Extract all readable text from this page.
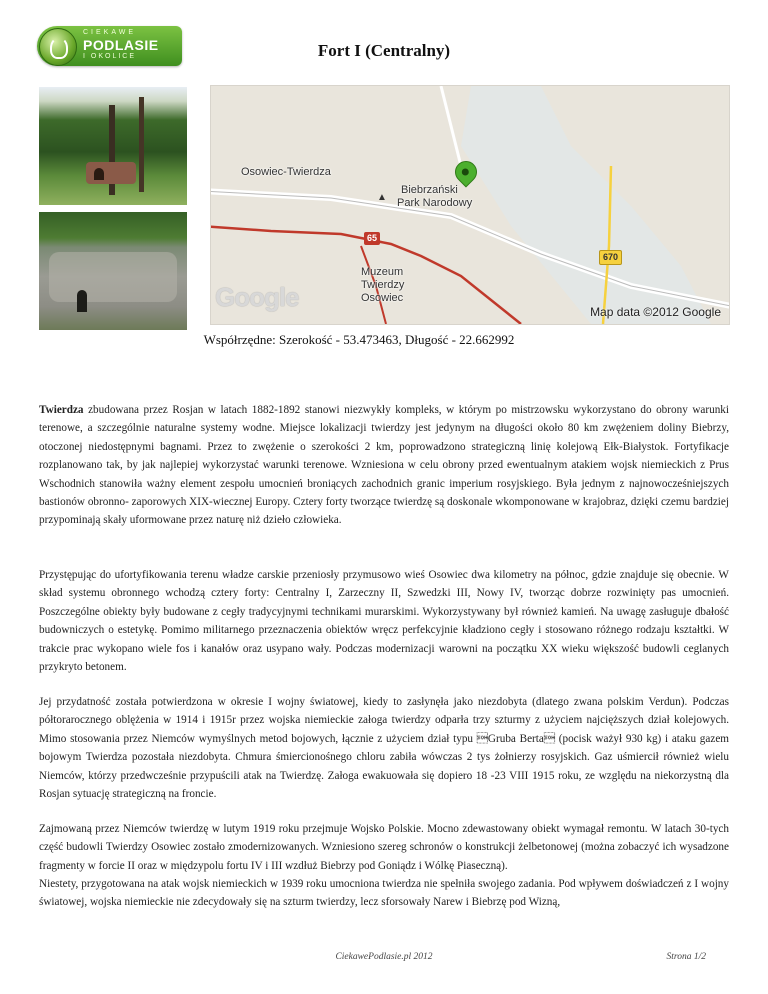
CIEKAWE
PODLASIE
I OKOLICE	Fort I (Centralny)
Osowiec-Twierdza
Biebrzański
Park Narodowy
▲
Muzeum
Twierdzy
Osowiec
65
670
Google	Map data ©2012 Google
Współrzędne: Szerokość - 53.473463, Długość - 22.662992

Twierdza zbudowana przez Rosjan w latach 1882-1892 stanowi niezwykły kompleks, w którym po mistrzowsku wykorzystano do obrony warunki terenowe, a szczególnie naturalne systemy wodne. Miejsce lokalizacji twierdzy jest jedynym na długości około 80 km zwężeniem doliny Biebrzy, otoczonej niedostępnymi bagnami. Przez to zwężenie o szerokości 2 km, poprowadzono strategiczną linię kolejową Ełk-Białystok. Fortyfikacje rozplanowano tak, by jak najlepiej wykorzystać warunki terenowe. Wzniesiona w celu obrony przed ewentualnym atakiem wojsk niemieckich z Prus Wschodnich stanowiła ważny element zespołu umocnień broniących zachodnich granic imperium rosyjskiego. Była jednym z najnowocześniejszych bastionów obronno- zaporowych XIX-wiecznej Europy. Cztery forty tworzące twierdzę są doskonale wkomponowane w krajobraz, dzięki czemu bardziej przypominają skały uformowane przez naturę niż dzieło człowieka.

Przystępując do ufortyfikowania terenu władze carskie przeniosły przymusowo wieś Osowiec dwa kilometry na północ, gdzie znajduje się obecnie. W skład systemu obronnego wchodzą cztery forty: Centralny I, Zarzeczny II, Szwedzki III, Nowy IV, tworząc dobrze rozwinięty pas umocnień. Poszczególne obiekty były budowane z cegły tradycyjnymi technikami murarskimi. Wykorzystywany był również kamień. Na uwagę zasługuje dbałość budowniczych o estetykę. Pomimo militarnego przeznaczenia obiektów wręcz perfekcyjnie kładziono cegły i stosowano różnego rodzaju kształtki. W trakcie prac wykopano wiele fos i kanałów oraz usypano wały. Podczas modernizacji warowni na początku XX wieku większość budowli ceglanych przykryto betonem.

Jej przydatność została potwierdzona w okresie I wojny światowej, kiedy to zasłynęła jako niezdobyta (dlatego zwana polskim Verdun). Podczas półtorarocznego oblężenia w 1914 i 1915r przez wojska niemieckie załoga twierdzy odparła trzy szturmy z użyciem najcięższych dział kolejowych. Mimo stosowania przez Niemców wymyślnych metod bojowych, łącznie z użyciem dział typu Gruba Berta (pocisk ważył 930 kg) i ataku gazem bojowym Twierdza pozostała niezdobyta. Chmura śmiercionośnego chloru zabiła wówczas 2 tys żołnierzy rosyjskich. Gaz uśmiercił również wielu Niemców, którzy przedwcześnie przypuścili atak na Twierdzę. Załoga ewakuowała się dopiero 18 -23 VIII 1915 roku, ze względu na niekorzystną dla Rosjan sytuację strategiczną na froncie.

Zajmowaną przez Niemców twierdzę w lutym 1919 roku przejmuje Wojsko Polskie. Mocno zdewastowany obiekt wymagał remontu. W latach 30-tych część budowli Twierdzy Osowiec zostało zmodernizowanych. Wzniesiono szereg schronów o konstrukcji żelbetonowej (można zobaczyć ich wysadzone fragmenty w forcie II oraz w międzypolu fortu IV i III wzdłuż Biebrzy pod Goniądz i Wólkę Piaseczną).

Niestety, przygotowana na atak wojsk niemieckich w 1939 roku umocniona twierdza nie spełniła swojego zadania. Pod wpływem doświadczeń z I wojny światowej, wojska niemieckie nie zdecydowały się na szturm twierdzy, lecz sforsowały Narew i Biebrzę pod Wizną,

CiekawePodlasie.pl 2012	Strona 1/2
